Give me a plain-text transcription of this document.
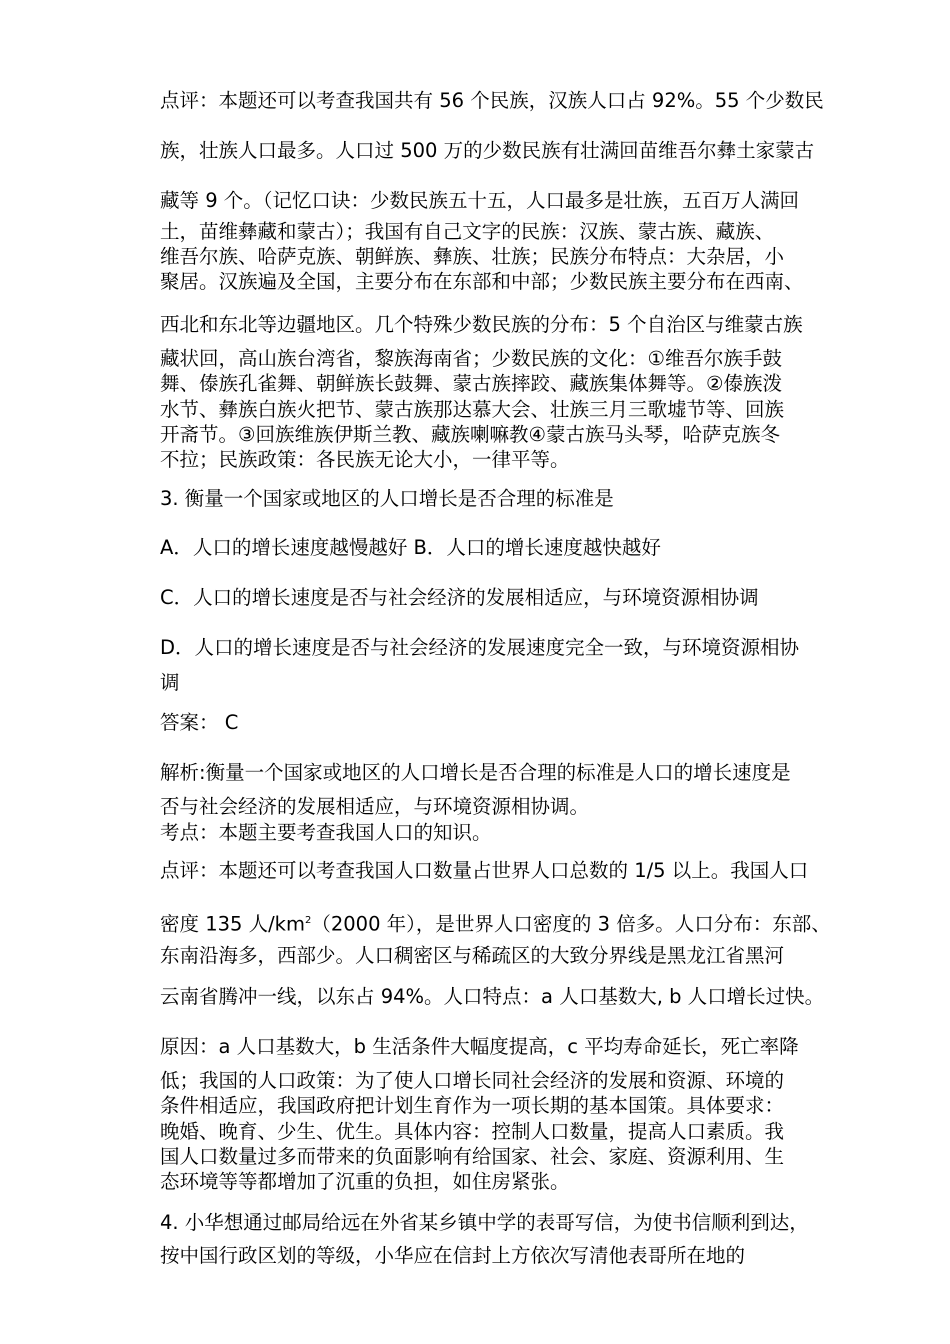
点评：本题还可以考查我国共有 56 个民族，汉族人口占 92%。55 个少数民

族，壮族人口最多。人口过 500 万的少数民族有壮满回苗维吾尔彝土家蒙古

藏等 9 个。（记忆口诀：少数民族五十五，人口最多是壮族，五百万人满回

土，苗维彝藏和蒙古）；我国有自己文字的民族：汉族、蒙古族、藏族、

维吾尔族、哈萨克族、朝鲜族、彝族、壮族；民族分布特点：大杂居，小

聚居。汉族遍及全国，主要分布在东部和中部；少数民族主要分布在西南、

西北和东北等边疆地区。几个特殊少数民族的分布：5 个自治区与维蒙古族

藏状回，高山族台湾省，黎族海南省；少数民族的文化：①维吾尔族手鼓

舞、傣族孔雀舞、朝鲜族长鼓舞、蒙古族摔跤、藏族集体舞等。②傣族泼

水节、彝族白族火把节、蒙古族那达慕大会、壮族三月三歌墟节等、回族

开斋节。③回族维族伊斯兰教、藏族喇嘛教④蒙古族马头琴，哈萨克族冬

不拉；民族政策：各民族无论大小，一律平等。

3. 衡量一个国家或地区的人口增长是否合理的标准是

A．人口的增长速度越慢越好 B．人口的增长速度越快越好

C．人口的增长速度是否与社会经济的发展相适应，与环境资源相协调

D．人口的增长速度是否与社会经济的发展速度完全一致，与环境资源相协

调

答案： C

解析:衡量一个国家或地区的人口增长是否合理的标准是人口的增长速度是

否与社会经济的发展相适应，与环境资源相协调。

考点：本题主要考查我国人口的知识。

点评：本题还可以考查我国人口数量占世界人口总数的 1/5 以上。我国人口

密度 135 人$/km^2(2000$ 年），是世界人口密度的 3 倍多。人口分布：东部、

东南沿海多，西部少。人口稠密区与稀疏区的大致分界线是黑龙江省黑河

云南省腾冲一线，以东占 94%。人口特点：a 人口基数大, b 人口增长过快。

原因：a 人口基数大，b 生活条件大幅度提高，c 平均寿命延长，死亡率降

低；我国的人口政策：为了使人口增长同社会经济的发展和资源、环境的

条件相适应，我国政府把计划生育作为一项长期的基本国策。具体要求：

晚婚、晚育、少生、优生。具体内容：控制人口数量，提高人口素质。我

国人口数量过多而带来的负面影响有给国家、社会、家庭、资源利用、生

态环境等等都增加了沉重的负担，如住房紧张。

4. 小华想通过邮局给远在外省某乡镇中学的表哥写信，为使书信顺利到达，

按中国行政区划的等级，小华应在信封上方依次写清他表哥所在地的
